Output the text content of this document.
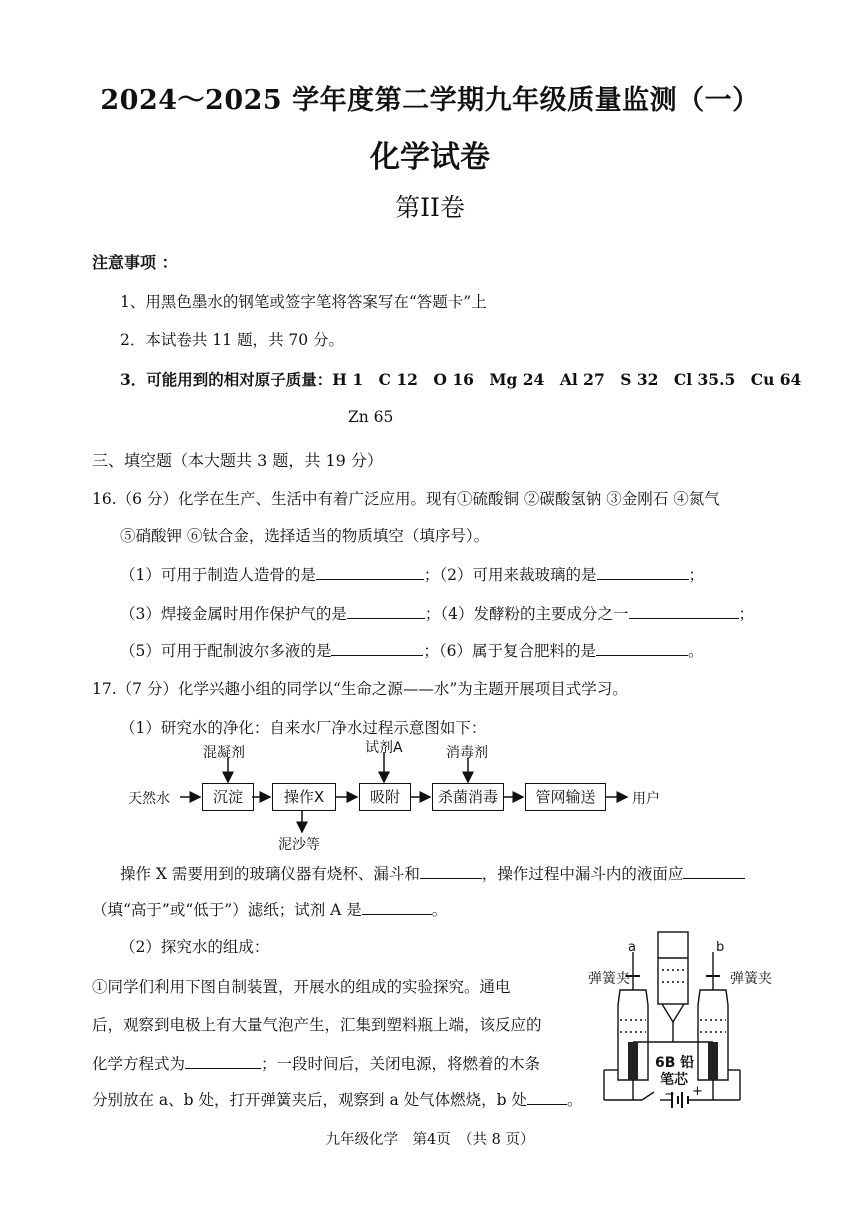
2024～2025 学年度第二学期九年级质量监测（一）
化学试卷
第II卷
注意事项 ：
1、用黑色墨水的钢笔或签字笔将答案写在“答题卡”上
2．本试卷共 11 题，共 70 分。
3．可能用到的相对原子质量：H 1　C 12　O 16　Mg 24　Al 27　S 32　Cl 35.5　Cu 64
Zn 65
三、填空题（本大题共 3 题，共 19 分）
16.（6 分）化学在生产、生活中有着广泛应用。现有①硫酸铜 ②碳酸氢钠 ③金刚石 ④氮气
⑤硝酸钾 ⑥钛合金，选择适当的物质填空（填序号）。
（1）可用于制造人造骨的是	；（2）可用来裁玻璃的是	；
（3）焊接金属时用作保护气的是	；（4）发酵粉的主要成分之一	；
（5）可用于配制波尔多液的是	；（6）属于复合肥料的是	。
17.（7 分）化学兴趣小组的同学以“生命之源——水”为主题开展项目式学习。
（1）研究水的净化：自来水厂净水过程示意图如下：
天然水	沉淀	操作X	吸附	杀菌消毒	管网输送	用户
混凝剂	试剂A	消毒剂
泥沙等
操作 X 需要用到的玻璃仪器有烧杯、漏斗和	，操作过程中漏斗内的液面应
（填“高于”或“低于”）滤纸；试剂 A 是	。
（2）探究水的组成：
①同学们利用下图自制装置，开展水的组成的实验探究。通电
后，观察到电极上有大量气泡产生，汇集到塑料瓶上端，该反应的
化学方程式为	；一段时间后，关闭电源，将燃着的木条
分别放在 a、b 处，打开弹簧夹后，观察到 a 处气体燃烧，b 处	。
a	b
弹簧夹	弹簧夹
6B 铅
笔芯
− +
九年级化学　第4页　（共 8 页）
